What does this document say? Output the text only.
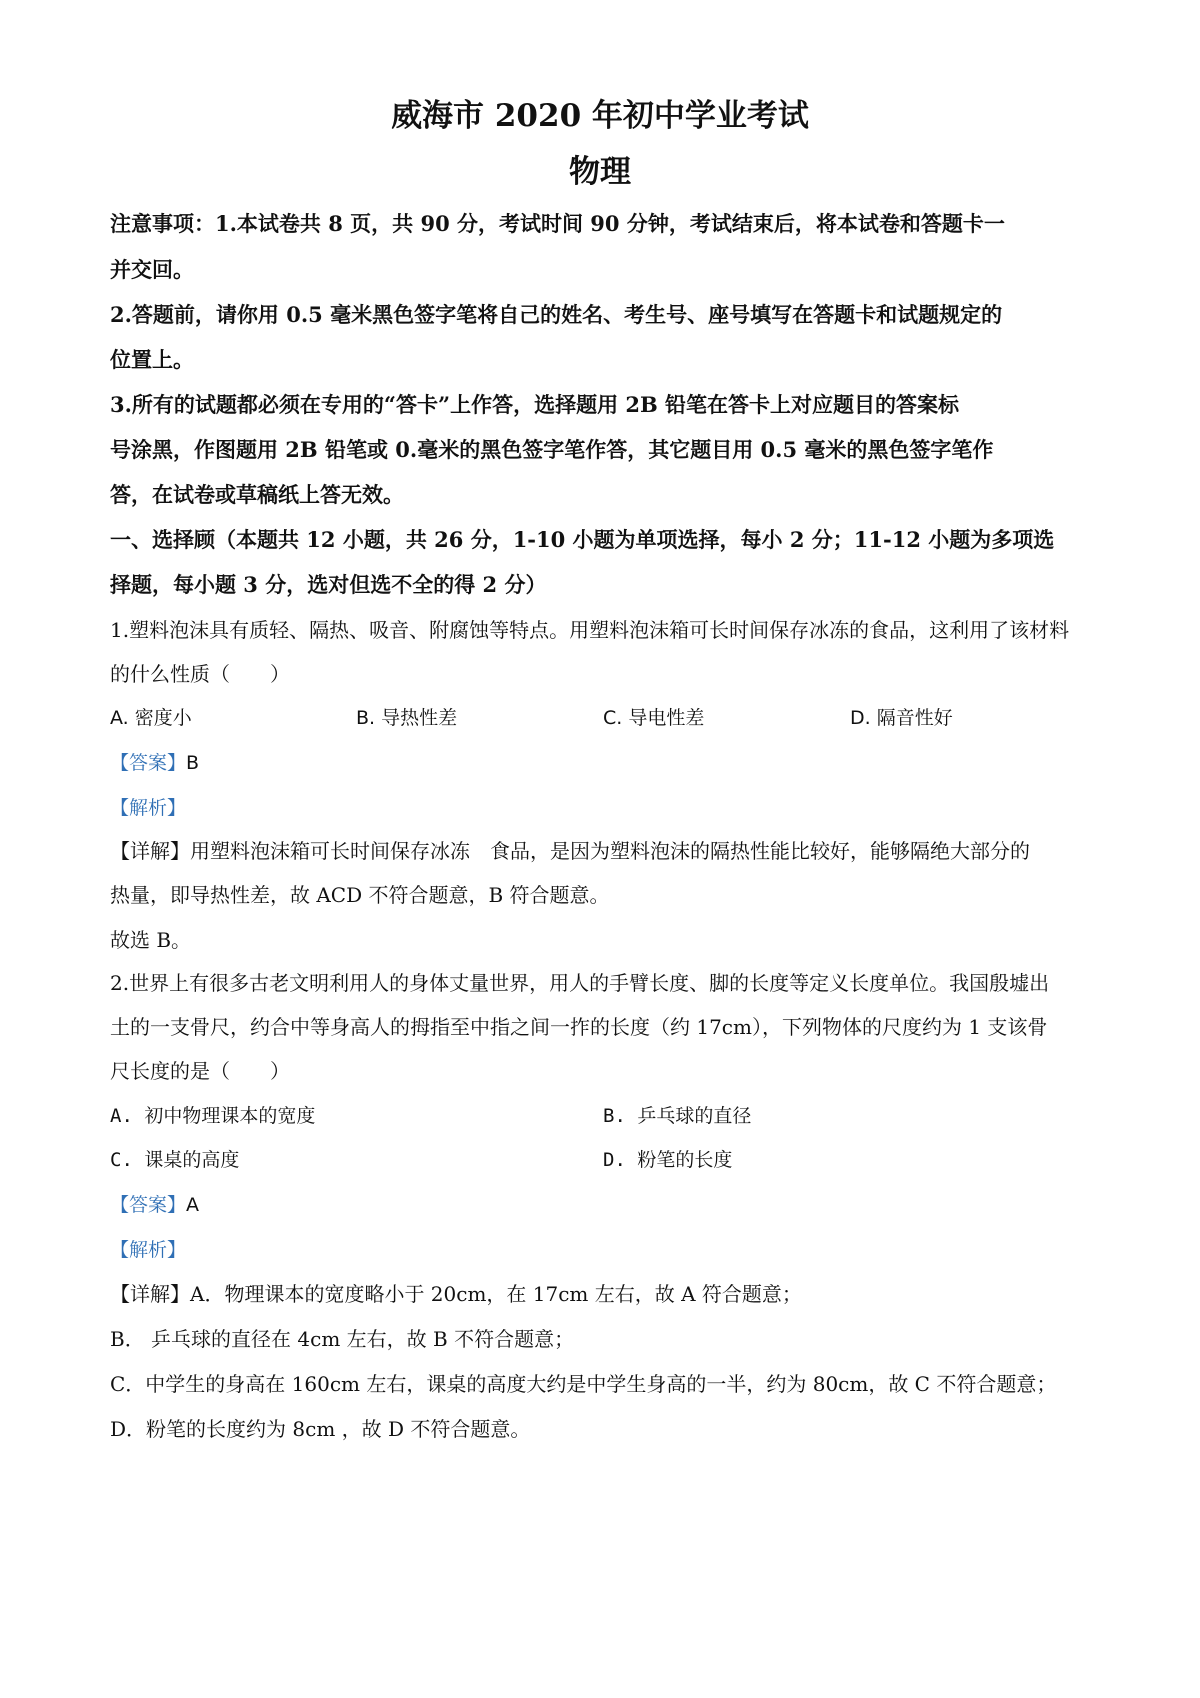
威海市 2020 年初中学业考试
物理
注意事项：1.本试卷共 8 页，共 90 分，考试时间 90 分钟，考试结束后，将本试卷和答题卡一
并交回。
2.答题前，请你用 0.5 毫米黑色签字笔将自己的姓名、考生号、座号填写在答题卡和试题规定的
位置上。
3.所有的试题都必须在专用的“答卡”上作答，选择题用 2B 铅笔在答卡上对应题目的答案标
号涂黑，作图题用 2B 铅笔或 0.毫米的黑色签字笔作答，其它题目用 0.5 毫米的黑色签字笔作
答，在试卷或草稿纸上答无效。
一、选择顾（本题共 12 小题，共 26 分，1-10 小题为单项选择，每小 2 分；11-12 小题为多项选
择题，每小题 3 分，选对但选不全的得 2 分）
1.塑料泡沫具有质轻、隔热、吸音、附腐蚀等特点。用塑料泡沫箱可长时间保存冰冻的食品，这利用了该材料
的什么性质（　　）
A. 密度小	B. 导热性差	C. 导电性差	D. 隔音性好
【答案】B
【解析】
【详解】用塑料泡沫箱可长时间保存冰冻　食品，是因为塑料泡沫的隔热性能比较好，能够隔绝大部分的
热量，即导热性差，故 ACD 不符合题意，B 符合题意。
故选 B。
2.世界上有很多古老文明利用人的身体丈量世界，用人的手臂长度、脚的长度等定义长度单位。我国殷墟出
土的一支骨尺，约合中等身高人的拇指至中指之间一拃的长度（约 17cm），下列物体的尺度约为 1 支该骨
尺长度的是（　　）
A. 初中物理课本的宽度	B. 乒乓球的直径
C. 课桌的高度	D. 粉笔的长度
【答案】A
【解析】
【详解】A．物理课本的宽度略小于 20cm，在 17cm 左右，故 A 符合题意；
B． 乒乓球的直径在 4cm 左右，故 B 不符合题意；
C．中学生的身高在 160cm 左右，课桌的高度大约是中学生身高的一半，约为 80cm，故 C 不符合题意；
D．粉笔的长度约为 8cm ，故 D 不符合题意。
